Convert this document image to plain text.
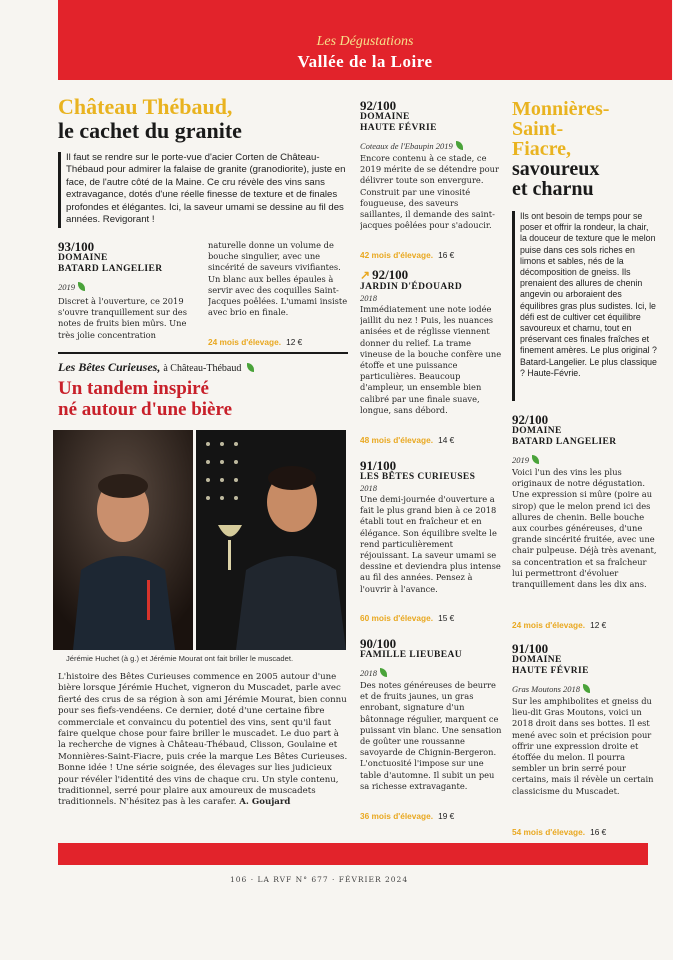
Les Dégustations
Vallée de la Loire
Château Thébaud,
le cachet du granite
Il faut se rendre sur le porte-vue d'acier Corten de Château-Thébaud pour admirer la falaise de granite (granodiorite), juste en face, de l'autre côté de la Maine. Ce cru révèle des vins sans extravagance, dotés d'une réelle finesse de texture et de finales profondes et élégantes. Ici, la saveur umami se dessine au fil des années. Revigorant !
93/100
DOMAINE
BATARD LANGELIER
2019
Discret à l'ouverture, ce 2019 s'ouvre tranquillement sur des notes de fruits bien mûrs. Une très jolie concentration
naturelle donne un volume de bouche singulier, avec une sincérité de saveurs vivifiantes. Un blanc aux belles épaules à servir avec des coquilles Saint-Jacques poêlées. L'umami insiste avec brio en finale.
24 mois d'élevage. 12 €
Les Bêtes Curieuses, à Château-Thébaud
Un tandem inspiré
né autour d'une bière
Jérémie Huchet (à g.) et Jérémie Mourat ont fait briller le muscadet.
L'histoire des Bêtes Curieuses commence en 2005 autour d'une bière lorsque Jérémie Huchet, vigneron du Muscadet, parle avec fierté des crus de sa région à son ami Jérémie Mourat, bien connu pour ses fiefs-vendéens. Ce dernier, doté d'une certaine fibre commerciale et convaincu du potentiel des vins, sent qu'il faut faire quelque chose pour faire briller le muscadet. Le duo part à la recherche de vignes à Château-Thébaud, Clisson, Goulaine et Monnières-Saint-Fiacre, puis crée la marque Les Bêtes Curieuses. Bonne idée ! Une série soignée, des élevages sur lies judicieux pour révéler l'identité des vins de chaque cru. Un style contenu, traditionnel, serré pour plaire aux amoureux de muscadets traditionnels. N'hésitez pas à les carafer. A. Goujard
92/100
DOMAINE
HAUTE FÉVRIE
Coteaux de l'Ebaupin 2019
Encore contenu à ce stade, ce 2019 mérite de se détendre pour délivrer toute son envergure. Construit par une vinosité fougueuse, des saveurs saillantes, il demande des saint-jacques poêlées pour s'adoucir.
42 mois d'élevage. 16 €
↗ 92/100
JARDIN D'ÉDOUARD
2018
Immédiatement une note iodée jaillit du nez ! Puis, les nuances anisées et de réglisse viennent donner du relief. La trame vineuse de la bouche confère une étoffe et une puissance particulières. Beaucoup d'ampleur, un ensemble bien calibré par une finale suave, longue, sans débord.
48 mois d'élevage. 14 €
91/100
LES BÊTES CURIEUSES
2018
Une demi-journée d'ouverture a fait le plus grand bien à ce 2018 établi tout en fraîcheur et en élégance. Son équilibre svelte le rend particulièrement réjouissant. La saveur umami se dessine et deviendra plus intense au fil des années. Pensez à l'ouvrir à l'avance.
60 mois d'élevage. 15 €
90/100
FAMILLE LIEUBEAU
2018
Des notes généreuses de beurre et de fruits jaunes, un gras enrobant, signature d'un bâtonnage régulier, marquent ce puissant vin blanc. Une sensation de goûter une roussanne savoyarde de Chignin-Bergeron. L'onctuosité l'impose sur une table d'automne. Il subit un peu sa richesse extravagante.
36 mois d'élevage. 19 €
Monnières-
Saint-
Fiacre,
savoureux
et charnu
Ils ont besoin de temps pour se poser et offrir la rondeur, la chair, la douceur de texture que le melon puise dans ces sols riches en limons et sables, nés de la décomposition de gneiss. Ils prenaient des allures de chenin angevin ou arboraient des équilibres gras plus sudistes. Ici, le défi est de cultiver cet équilibre savoureux et charnu, tout en préservant ces finales fraîches et finement amères. Le plus original ? Batard-Langelier. Le plus classique ? Haute-Févrie.
92/100
DOMAINE
BATARD LANGELIER
2019
Voici l'un des vins les plus originaux de notre dégustation. Une expression si mûre (poire au sirop) que le melon prend ici des allures de chenin. Belle bouche aux courbes généreuses, d'une grande sincérité fruitée, avec une chair pulpeuse. Déjà très avenant, sa concentration et sa fraîcheur lui permettront d'évoluer tranquillement dans les dix ans.
24 mois d'élevage. 12 €
91/100
DOMAINE
HAUTE FÉVRIE
Gras Moutons 2018
Sur les amphibolites et gneiss du lieu-dit Gras Moutons, voici un 2018 droit dans ses bottes. Il est mené avec soin et précision pour offrir une expression droite et étoffée du melon. Il pourra sembler un brin serré pour certains, mais il révèle un certain classicisme du Muscadet.
54 mois d'élevage. 16 €
106 · LA RVF N° 677 · FÉVRIER 2024
